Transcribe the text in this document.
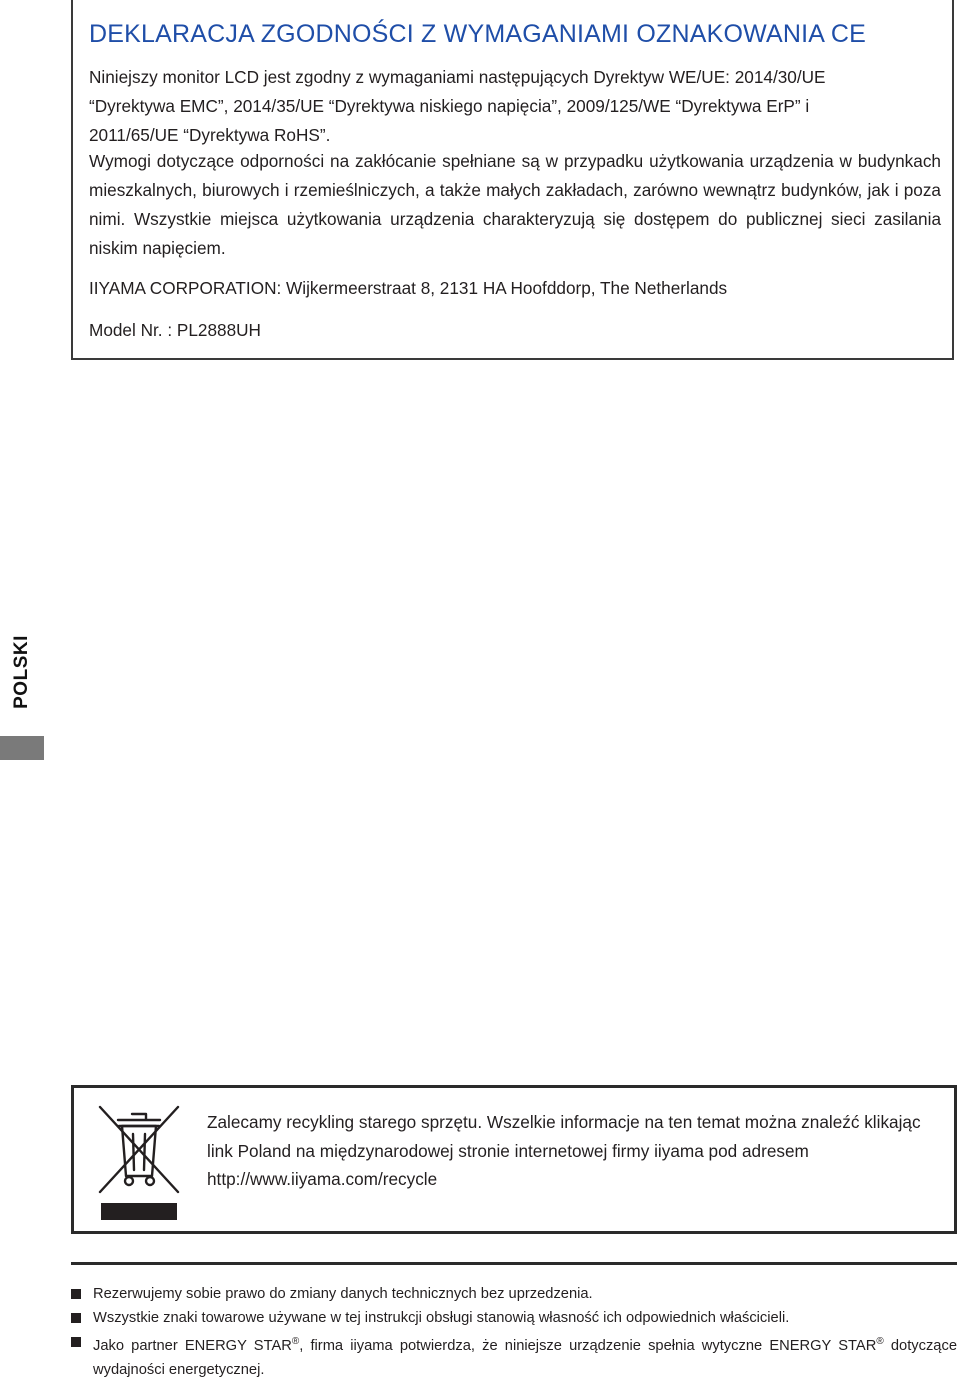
DEKLARACJA ZGODNOŚCI Z WYMAGANIAMI OZNAKOWANIA CE

Niniejszy monitor LCD jest zgodny z wymaganiami następujących Dyrektyw WE/UE: 2014/30/UE
“Dyrektywa EMC”, 2014/35/UE “Dyrektywa niskiego napięcia”, 2009/125/WE “Dyrektywa ErP” i
2011/65/UE “Dyrektywa RoHS”.

Wymogi dotyczące odporności na zakłócanie spełniane są w przypadku użytkowania urządzenia w budynkach mieszkalnych, biurowych i rzemieślniczych, a także małych zakładach, zarówno wewnątrz budynków, jak i poza nimi. Wszystkie miejsca użytkowania urządzenia charakteryzują się dostępem do publicznej sieci zasilania niskim napięciem.

IIYAMA CORPORATION: Wijkermeerstraat 8, 2131 HA Hoofddorp, The Netherlands

Model Nr. : PL2888UH

POLSKI

Zalecamy recykling starego sprzętu. Wszelkie informacje na ten temat można znaleźć klikając link Poland na międzynarodowej stronie internetowej firmy iiyama pod adresem http://www.iiyama.com/recycle

Rezerwujemy sobie prawo do zmiany danych technicznych bez uprzedzenia.
Wszystkie znaki towarowe używane w tej instrukcji obsługi stanowią własność ich odpowiednich właścicieli.
Jako partner ENERGY STAR®, firma iiyama potwierdza, że niniejsze urządzenie spełnia wytyczne ENERGY STAR® dotyczące wydajności energetycznej.
